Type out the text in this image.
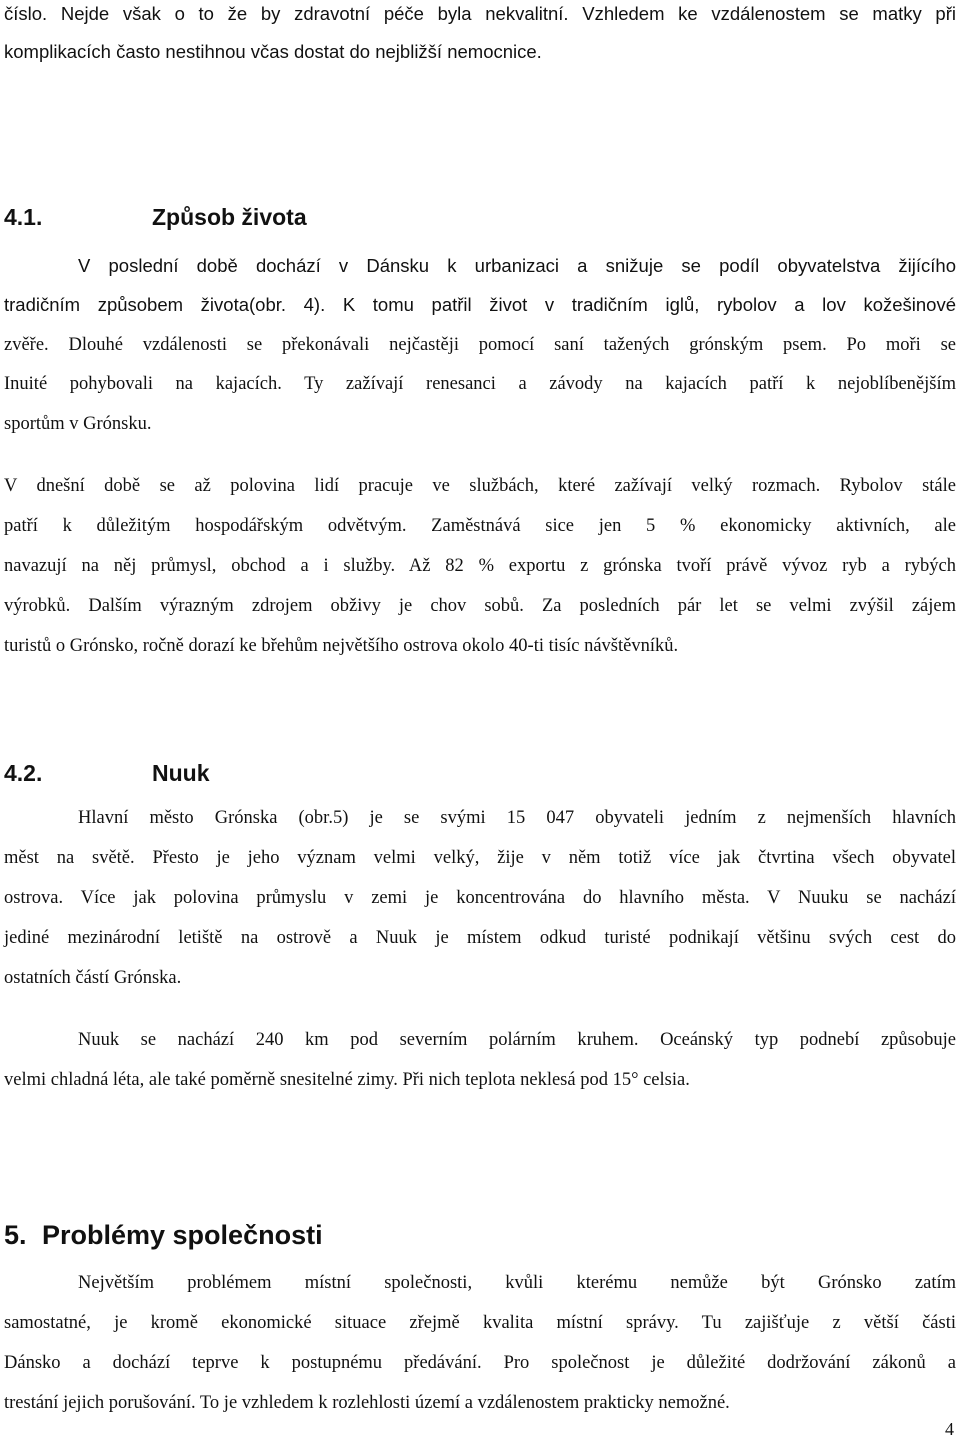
číslo. Nejde však o to že by zdravotní péče byla nekvalitní. Vzhledem ke vzdálenostem se matky při
komplikacích často nestihnou včas dostat do nejbližší nemocnice.
4.1.	Způsob života
V poslední době dochází v Dánsku k urbanizaci a snižuje se podíl obyvatelstva žijícího
tradičním způsobem života(obr. 4). K tomu patřil život v tradičním iglů, rybolov a lov kožešinové
zvěře. Dlouhé vzdálenosti se překonávali nejčastěji pomocí saní tažených grónským psem. Po moři se
Inuité pohybovali na kajacích. Ty zažívají renesanci a závody na kajacích patří k nejoblíbenějším
sportům v Grónsku.
V dnešní době se až polovina lidí pracuje ve službách, které zažívají velký rozmach. Rybolov stále
patří k důležitým hospodářským odvětvým. Zaměstnává sice jen 5 % ekonomicky aktivních, ale
navazují na něj průmysl, obchod a i služby. Až 82 % exportu z grónska tvoří právě vývoz ryb a rybých
výrobků. Dalším výrazným zdrojem obživy je chov sobů. Za posledních pár let se velmi zvýšil zájem
turistů o Grónsko, ročně dorazí ke břehům největšího ostrova okolo 40-ti tisíc návštěvníků.
4.2.	Nuuk
Hlavní město Grónska (obr.5) je se svými 15 047 obyvateli jedním z nejmenších hlavních
měst na světě. Přesto je jeho význam velmi velký, žije v něm totiž více jak čtvrtina všech obyvatel
ostrova. Více jak polovina průmyslu v zemi je koncentrována do hlavního města. V Nuuku se nachází
jediné mezinárodní letiště na ostrově a Nuuk je místem odkud turisté podnikají většinu svých cest do
ostatních částí Grónska.
Nuuk se nachází 240 km pod severním polárním kruhem. Oceánský typ podnebí způsobuje
velmi chladná léta, ale také poměrně snesitelné zimy. Při nich teplota neklesá pod 15° celsia.
5. Problémy společnosti
Největším problémem místní společnosti, kvůli kterému nemůže být Grónsko zatím
samostatné, je kromě ekonomické situace zřejmě kvalita místní správy. Tu zajišťuje z větší části
Dánsko a dochází teprve k postupnému předávání. Pro společnost je důležité dodržování zákonů a
trestání jejich porušování. To je vzhledem k rozlehlosti území a vzdálenostem prakticky nemožné.
4
